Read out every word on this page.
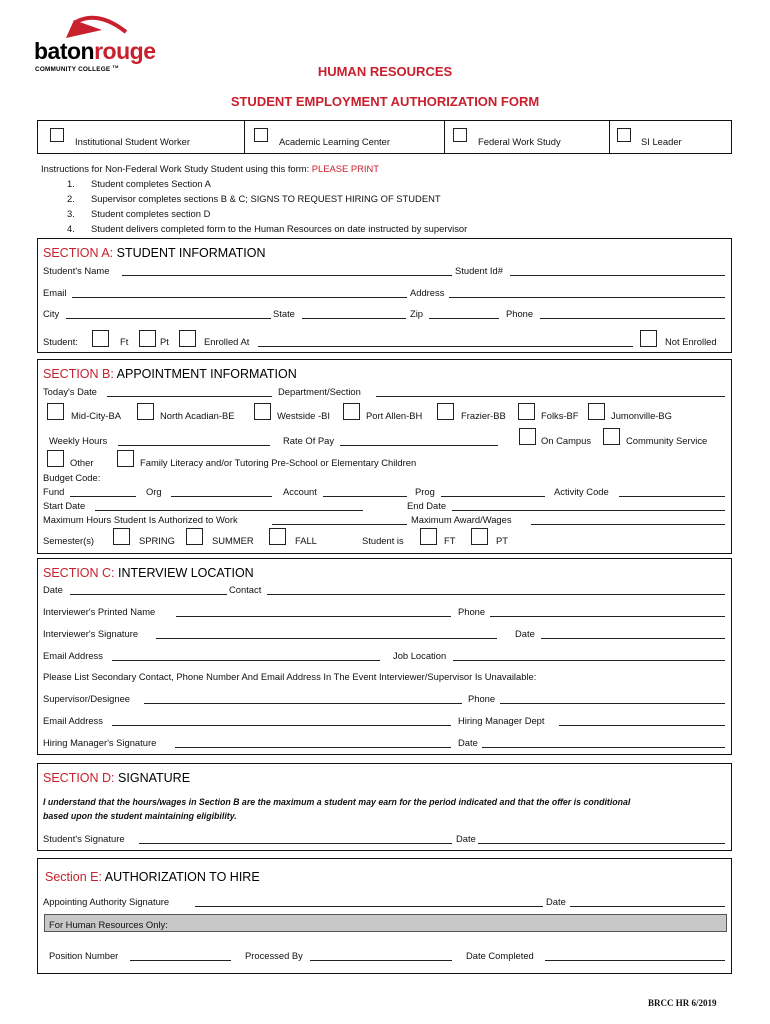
batonrouge
COMMUNITY COLLEGE ™	HUMAN RESOURCES
STUDENT EMPLOYMENT AUTHORIZATION FORM
Institutional Student Worker	Academic Learning Center	Federal Work Study	SI Leader
Instructions for Non-Federal Work Study Student using this form: PLEASE PRINT
1. Student completes Section A
2. Supervisor completes sections B & C; SIGNS TO REQUEST HIRING OF STUDENT
3. Student completes section D
4. Student delivers completed form to the Human Resources on date instructed by supervisor
SECTION A: STUDENT INFORMATION
Student's Name	Student Id#
Email	Address
City	State	Zip	Phone
Student:	Ft	Pt	Enrolled At	Not Enrolled
SECTION B: APPOINTMENT INFORMATION
Today's Date	Department/Section
Mid-City-BA	North Acadian-BE	Westside -BI	Port Allen-BH	Frazier-BB	Folks-BF	Jumonville-BG
Weekly Hours	Rate Of Pay	On Campus	Community Service
Other	Family Literacy and/or Tutoring Pre-School or Elementary Children
Budget Code:
Fund	Org	Account	Prog	Activity Code
Start Date	End Date
Maximum Hours Student Is Authorized to Work	Maximum Award/Wages
Semester(s)	SPRING	SUMMER	FALL	Student is	FT	PT
SECTION C: INTERVIEW LOCATION
Date	Contact
Interviewer's Printed Name	Phone
Interviewer's Signature	Date
Email Address	Job Location
Please List Secondary Contact, Phone Number And Email Address In The Event Interviewer/Supervisor Is Unavailable:
Supervisor/Designee	Phone
Email Address	Hiring Manager Dept
Hiring Manager's Signature	Date
SECTION D: SIGNATURE
I understand that the hours/wages in Section B are the maximum a student may earn for the period indicated and that the offer is conditional
based upon the student maintaining eligibility.
Student's Signature	Date
Section E: AUTHORIZATION TO HIRE
Appointing Authority Signature	Date
For Human Resources Only:
Position Number	Processed By	Date Completed
BRCC HR 6/2019
